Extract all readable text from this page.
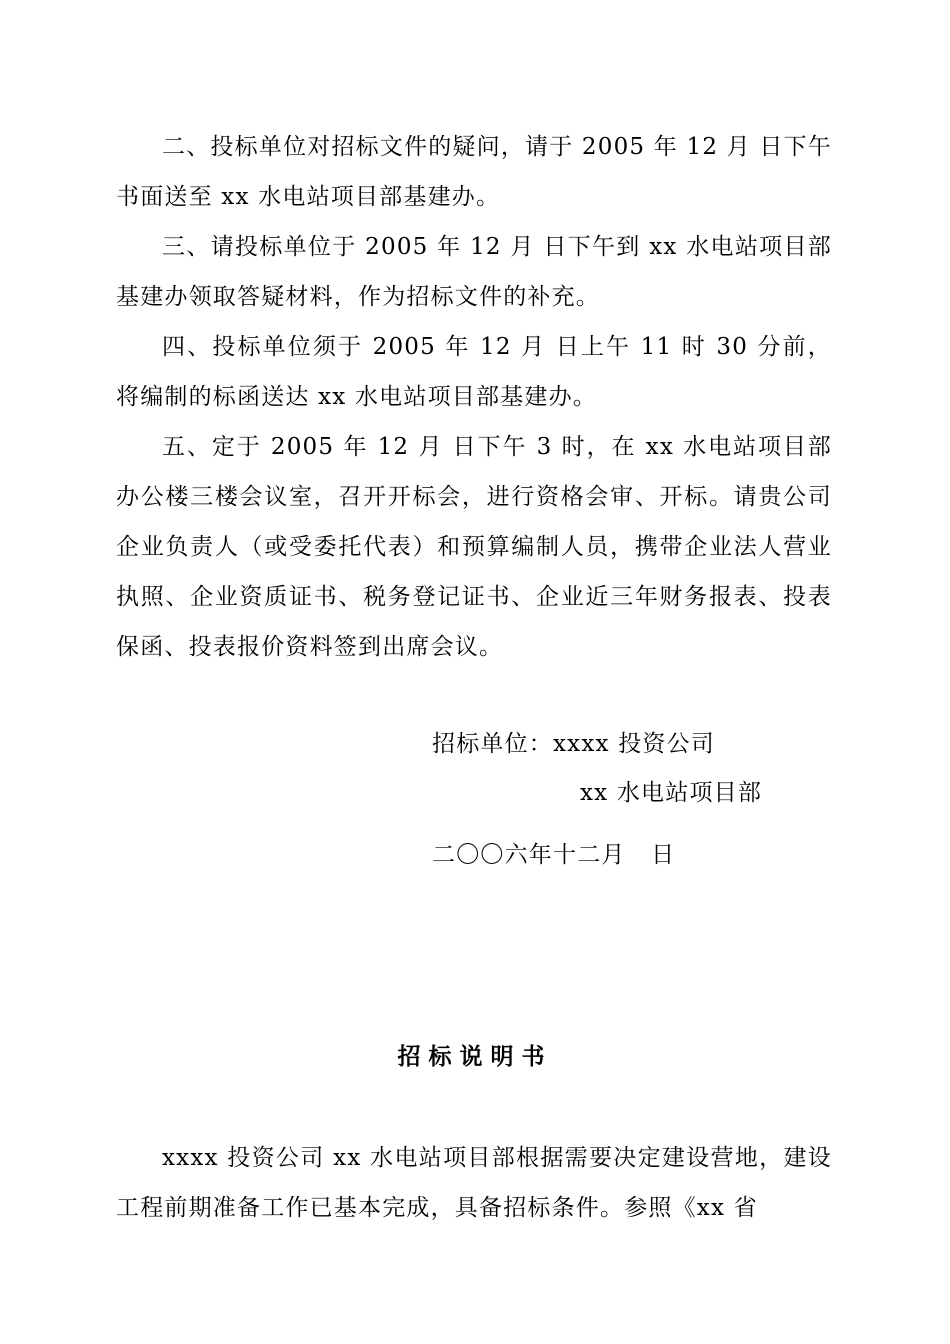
二、投标单位对招标文件的疑问，请于 2005 年 12 月 日下午书面送至 xx 水电站项目部基建办。

三、请投标单位于 2005 年 12 月 日下午到 xx 水电站项目部基建办领取答疑材料，作为招标文件的补充。

四、投标单位须于 2005 年 12 月 日上午 11 时 30 分前，将编制的标函送达 xx 水电站项目部基建办。

五、定于 2005 年 12 月 日下午 3 时，在 xx 水电站项目部办公楼三楼会议室，召开开标会，进行资格会审、开标。请贵公司企业负责人（或受委托代表）和预算编制人员，携带企业法人营业执照、企业资质证书、税务登记证书、企业近三年财务报表、投表保函、投表报价资料签到出席会议。

招标单位：xxxx 投资公司
xx 水电站项目部
二〇〇六年十二月   日
招标说明书

xxxx 投资公司 xx 水电站项目部根据需要决定建设营地，建设工程前期准备工作已基本完成，具备招标条件。参照《xx 省
